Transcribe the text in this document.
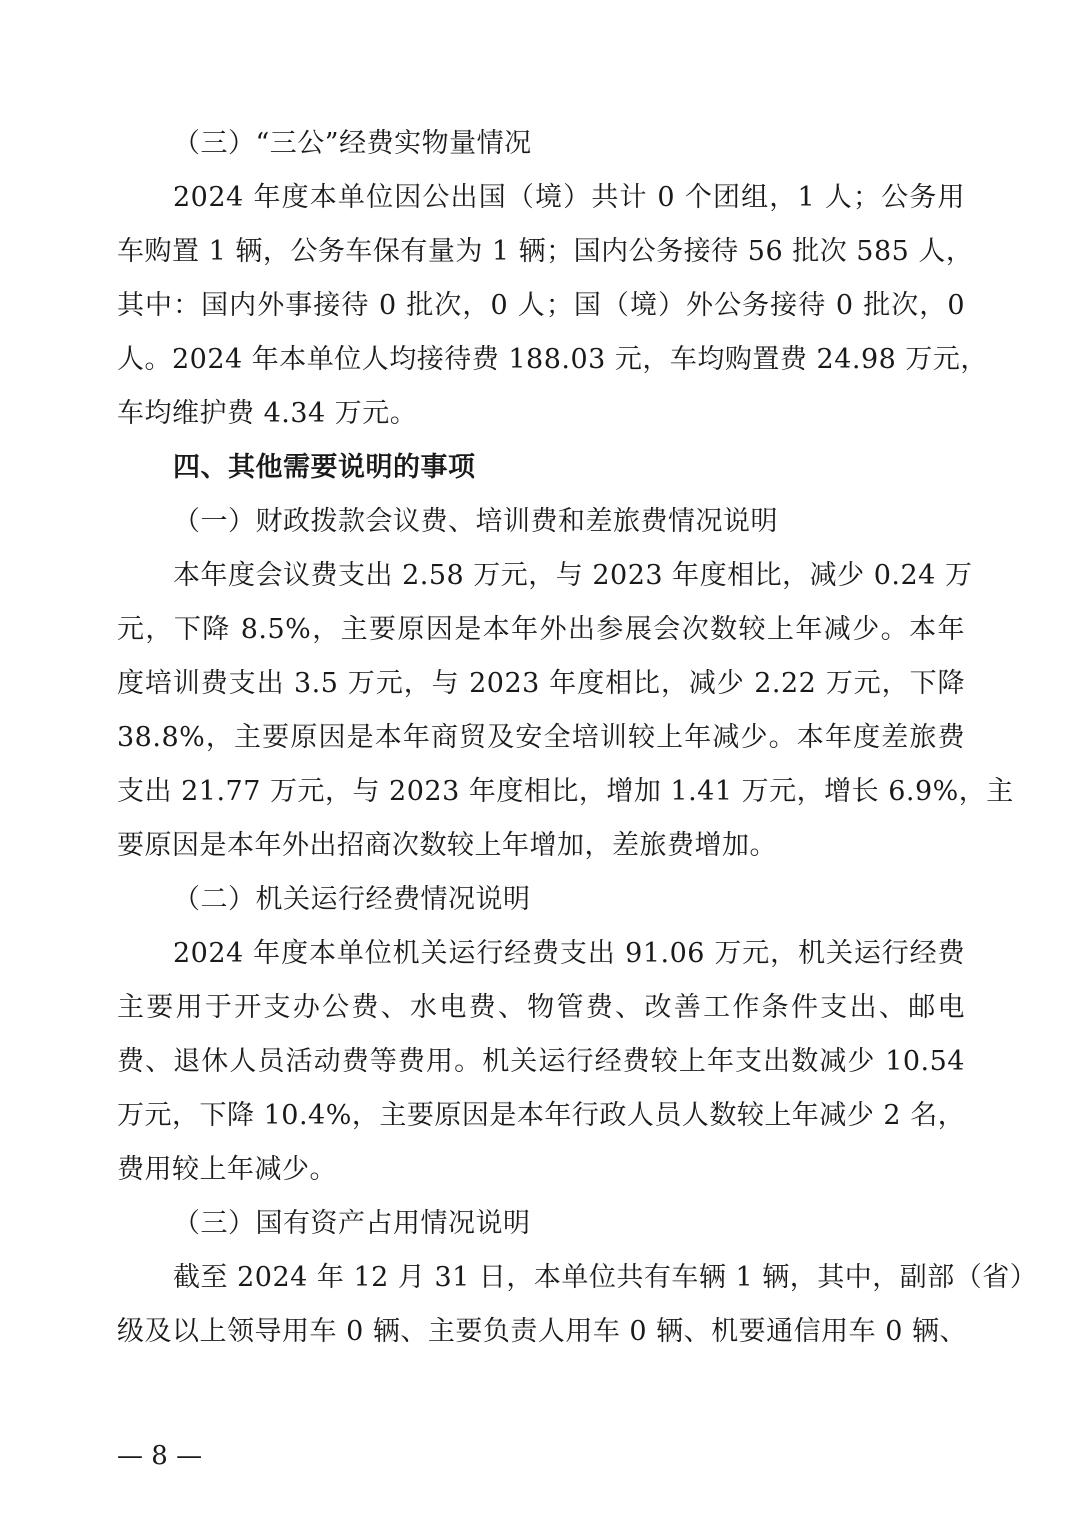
（三）“三公”经费实物量情况
2024 年度本单位因公出国（境）共计 0 个团组，1 人；公务用
车购置 1 辆，公务车保有量为 1 辆；国内公务接待 56 批次 585 人，
其中：国内外事接待 0 批次，0 人；国（境）外公务接待 0 批次，0
人。2024 年本单位人均接待费 188.03 元，车均购置费 24.98 万元，
车均维护费 4.34 万元。
四、其他需要说明的事项
（一）财政拨款会议费、培训费和差旅费情况说明
本年度会议费支出 2.58 万元，与 2023 年度相比，减少 0.24 万
元，下降 8.5%，主要原因是本年外出参展会次数较上年减少。本年
度培训费支出 3.5 万元，与 2023 年度相比，减少 2.22 万元，下降
38.8%，主要原因是本年商贸及安全培训较上年减少。本年度差旅费
支出 21.77 万元，与 2023 年度相比，增加 1.41 万元，增长 6.9%，主
要原因是本年外出招商次数较上年增加，差旅费增加。
（二）机关运行经费情况说明
2024 年度本单位机关运行经费支出 91.06 万元，机关运行经费
主要用于开支办公费、水电费、物管费、改善工作条件支出、邮电
费、退休人员活动费等费用。机关运行经费较上年支出数减少 10.54
万元，下降 10.4%，主要原因是本年行政人员人数较上年减少 2 名，
费用较上年减少。
（三）国有资产占用情况说明
截至 2024 年 12 月 31 日，本单位共有车辆 1 辆，其中，副部（省）
级及以上领导用车 0 辆、主要负责人用车 0 辆、机要通信用车 0 辆、
— 8 —
